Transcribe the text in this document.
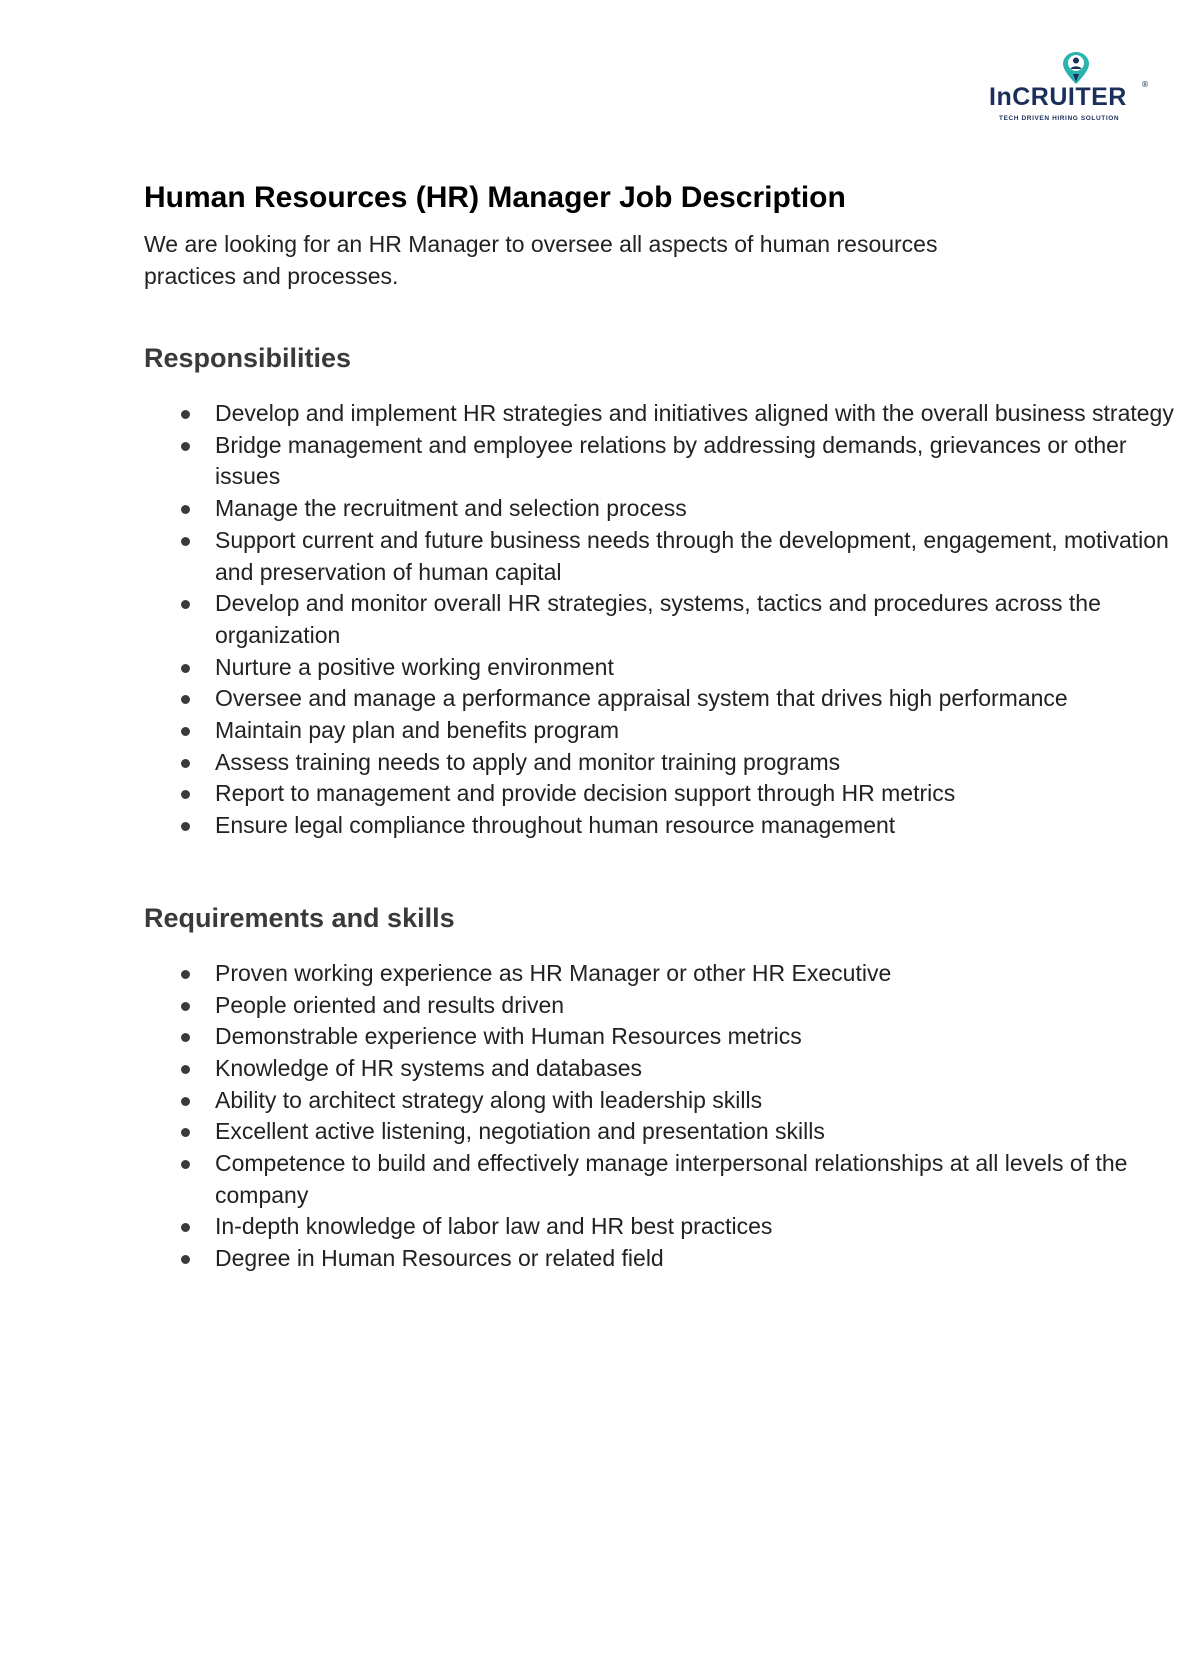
InCRUITER	®
TECH DRIVEN HIRING SOLUTION
Human Resources (HR) Manager Job Description

We are looking for an HR Manager to oversee all aspects of human resources practices and processes.

Responsibilities
Develop and implement HR strategies and initiatives aligned with the overall business strategy
Bridge management and employee relations by addressing demands, grievances or other issues
Manage the recruitment and selection process
Support current and future business needs through the development, engagement, motivation and preservation of human capital
Develop and monitor overall HR strategies, systems, tactics and procedures across the organization
Nurture a positive working environment
Oversee and manage a performance appraisal system that drives high performance
Maintain pay plan and benefits program
Assess training needs to apply and monitor training programs
Report to management and provide decision support through HR metrics
Ensure legal compliance throughout human resource management
Requirements and skills
Proven working experience as HR Manager or other HR Executive
People oriented and results driven
Demonstrable experience with Human Resources metrics
Knowledge of HR systems and databases
Ability to architect strategy along with leadership skills
Excellent active listening, negotiation and presentation skills
Competence to build and effectively manage interpersonal relationships at all levels of the company
In-depth knowledge of labor law and HR best practices
Degree in Human Resources or related field
